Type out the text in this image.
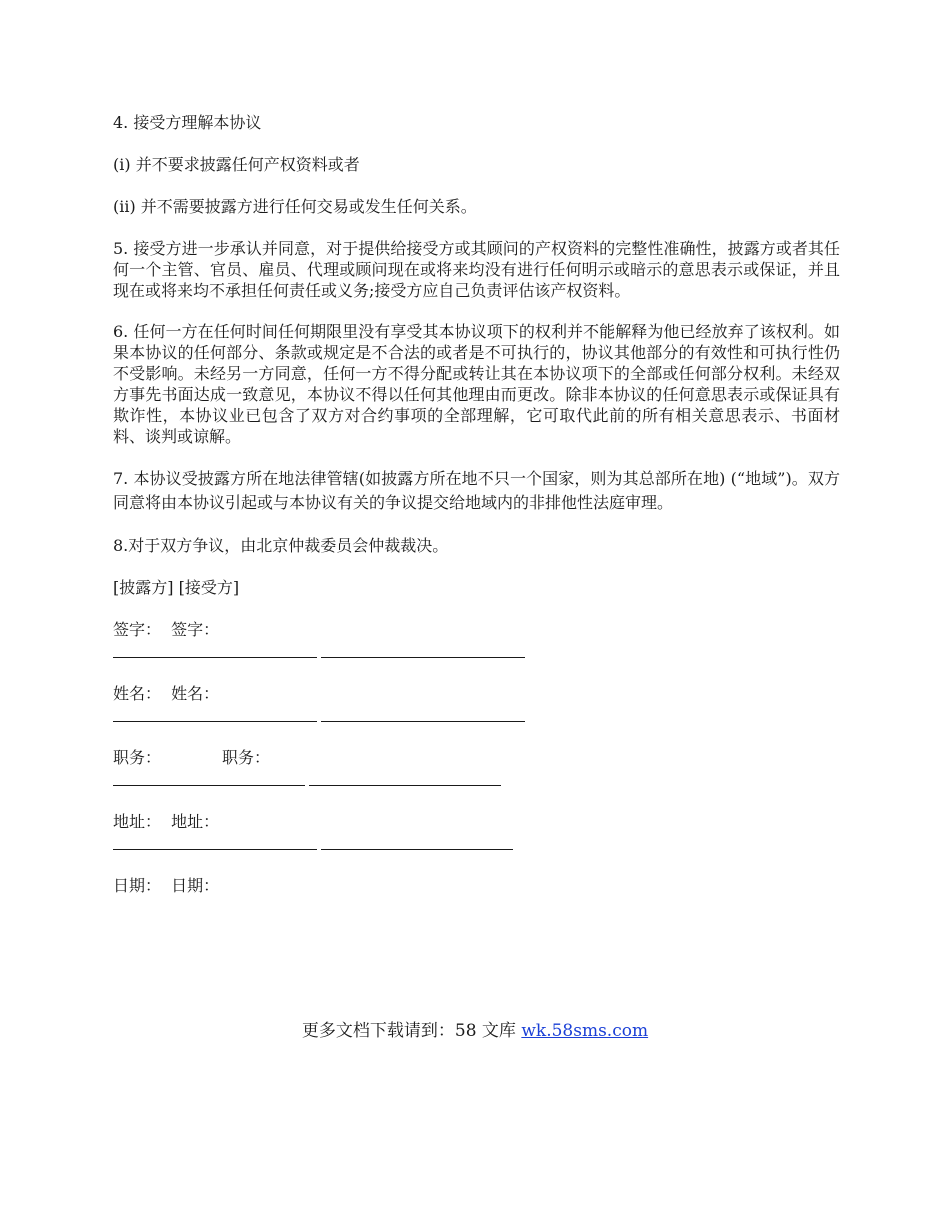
4. 接受方理解本协议

(i) 并不要求披露任何产权资料或者

(ii) 并不需要披露方进行任何交易或发生任何关系。

5. 接受方进一步承认并同意，对于提供给接受方或其顾问的产权资料的完整性准确性，披露方或者其任何一个主管、官员、雇员、代理或顾问现在或将来均没有进行任何明示或暗示的意思表示或保证，并且现在或将来均不承担任何责任或义务;接受方应自己负责评估该产权资料。

6. 任何一方在任何时间任何期限里没有享受其本协议项下的权利并不能解释为他已经放弃了该权利。如果本协议的任何部分、条款或规定是不合法的或者是不可执行的，协议其他部分的有效性和可执行性仍不受影响。未经另一方同意，任何一方不得分配或转让其在本协议项下的全部或任何部分权利。未经双方事先书面达成一致意见，本协议不得以任何其他理由而更改。除非本协议的任何意思表示或保证具有欺诈性，本协议业已包含了双方对合约事项的全部理解，它可取代此前的所有相关意思表示、书面材料、谈判或谅解。

7. 本协议受披露方所在地法律管辖(如披露方所在地不只一个国家，则为其总部所在地) (“地域”)。双方同意将由本协议引起或与本协议有关的争议提交给地域内的非排他性法庭审理。

8.对于双方争议，由北京仲裁委员会仲裁裁决。

[披露方] [接受方]

签字：  签字：

姓名：  姓名：

职务：            职务：

地址：  地址：

日期：  日期：

更多文档下载请到：58 文库 wk.58sms.com
